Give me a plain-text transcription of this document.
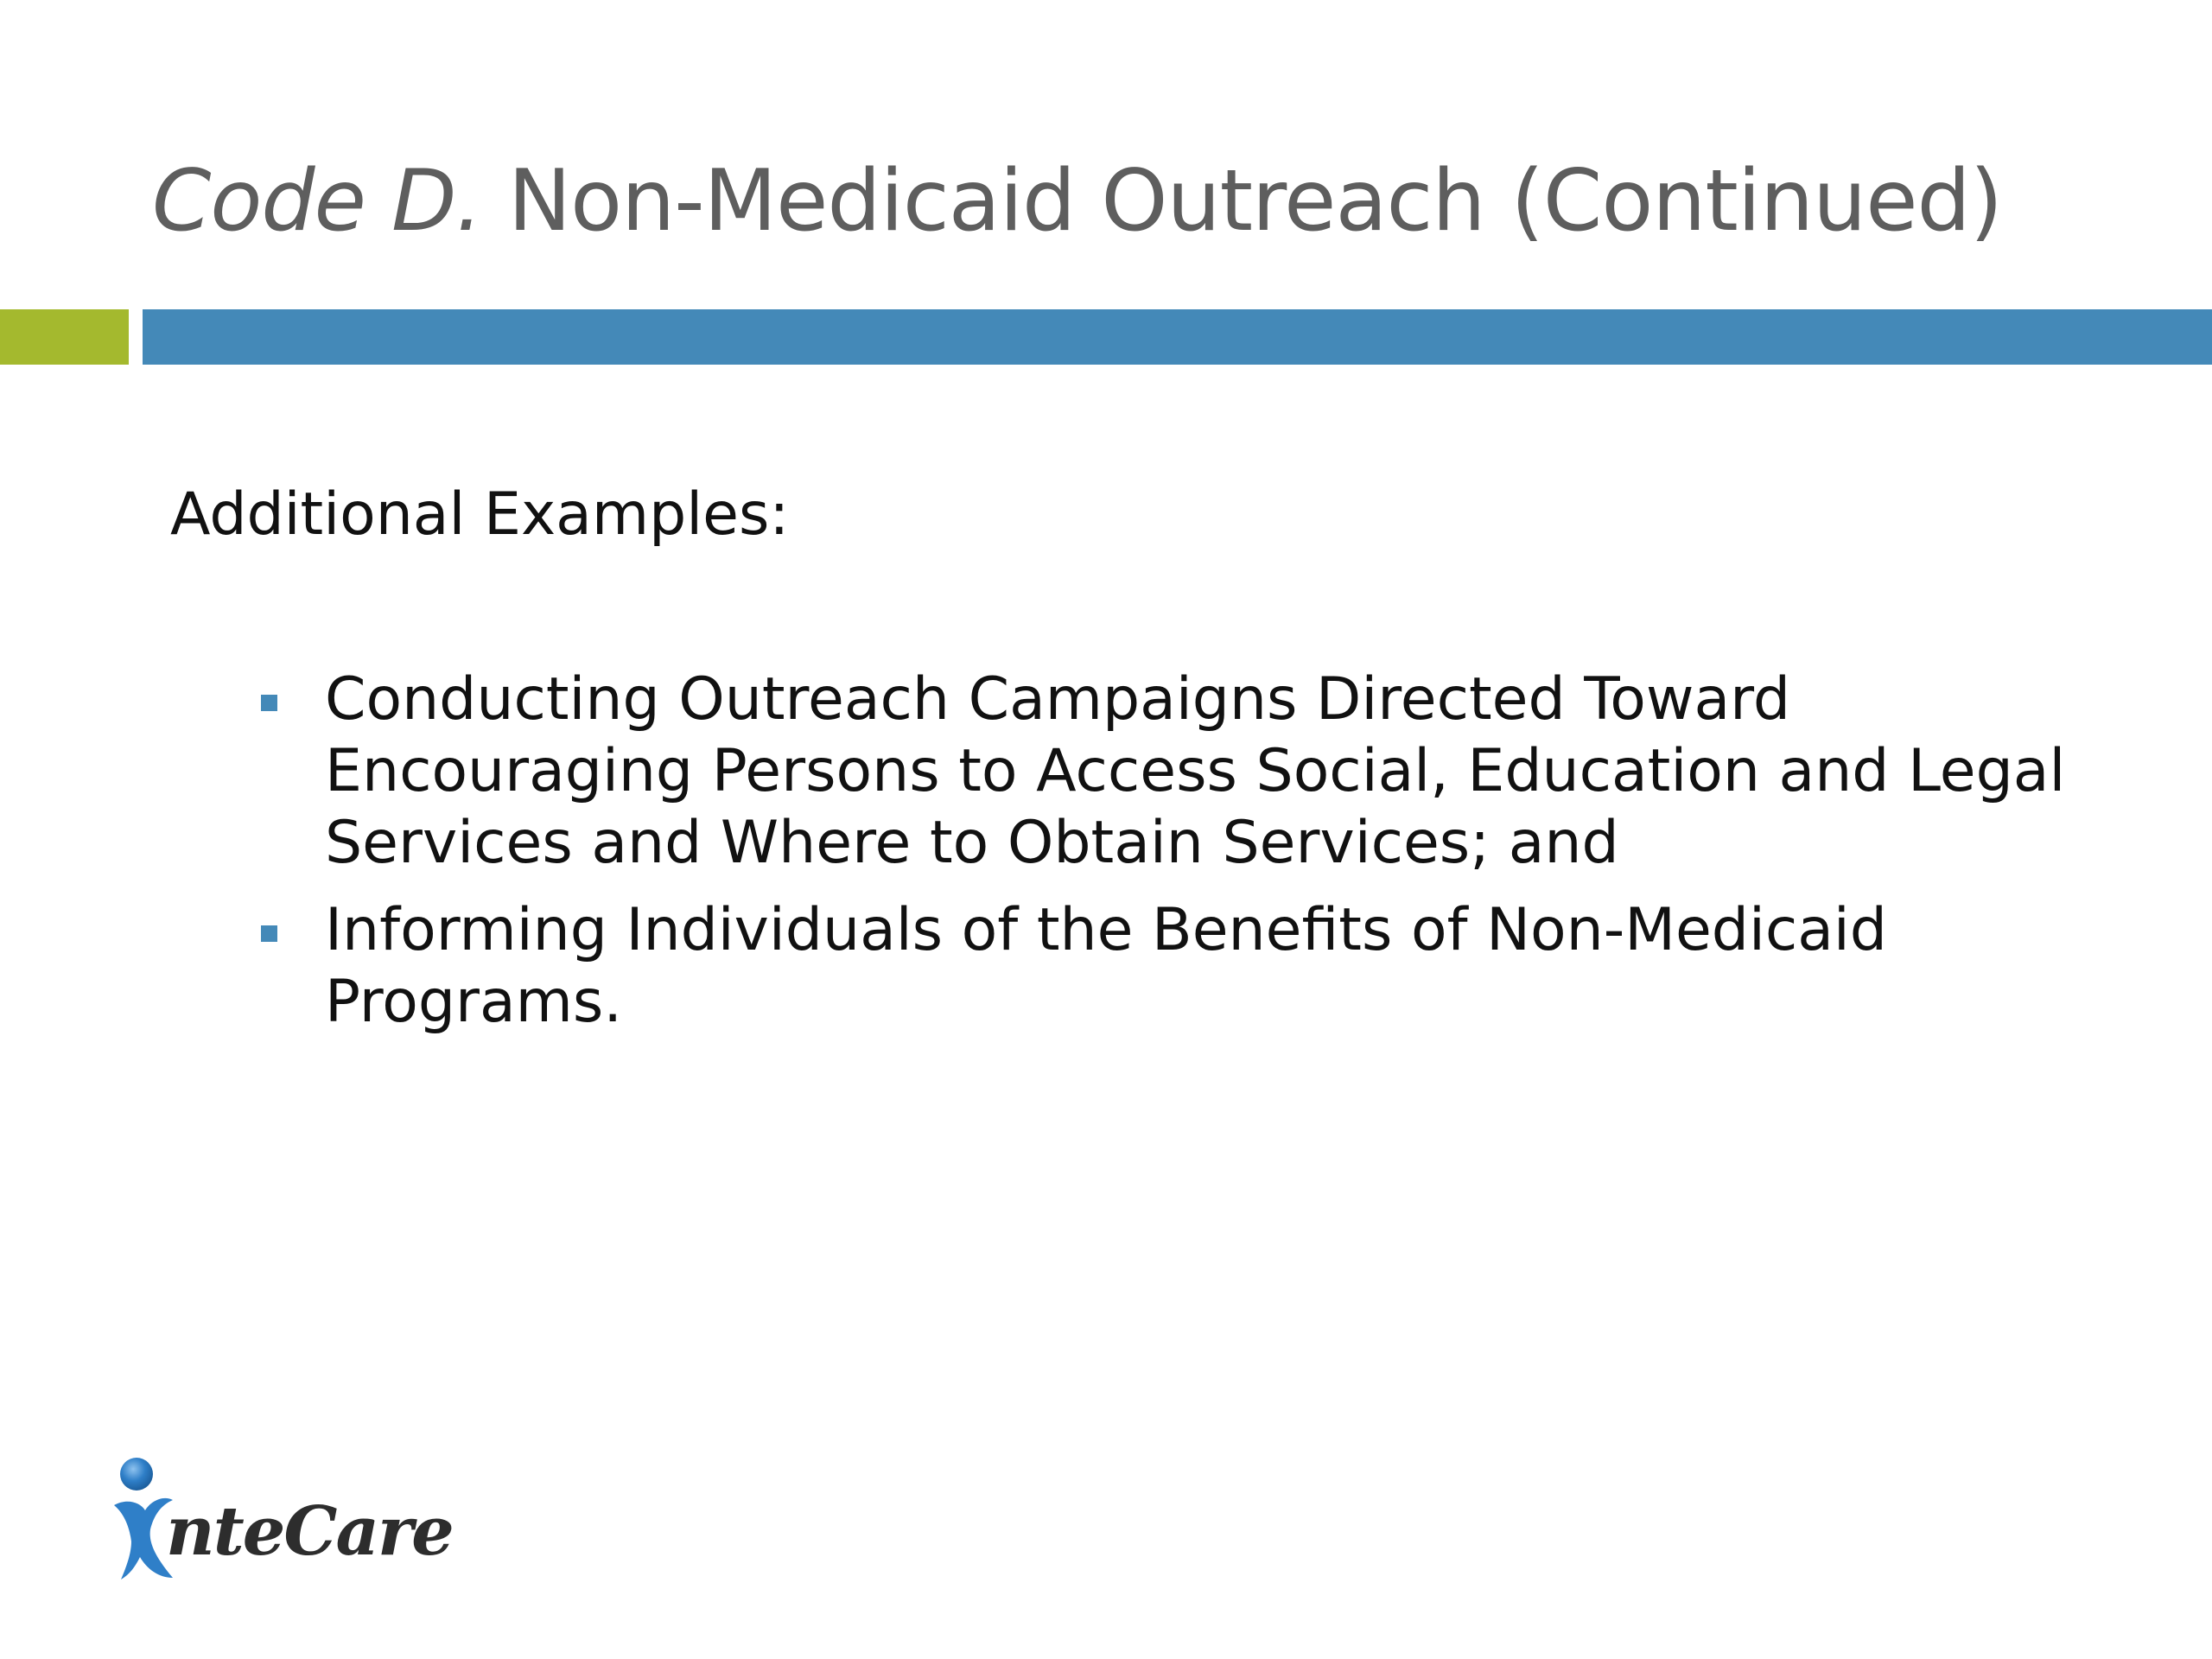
Code D. Non-Medicaid Outreach (Continued)

Additional Examples:

Conducting Outreach Campaigns Directed Toward Encouraging Persons to Access Social, Education and Legal Services and Where to Obtain Services; and
Informing Individuals of the Benefits of Non-Medicaid Programs.
nteCare
